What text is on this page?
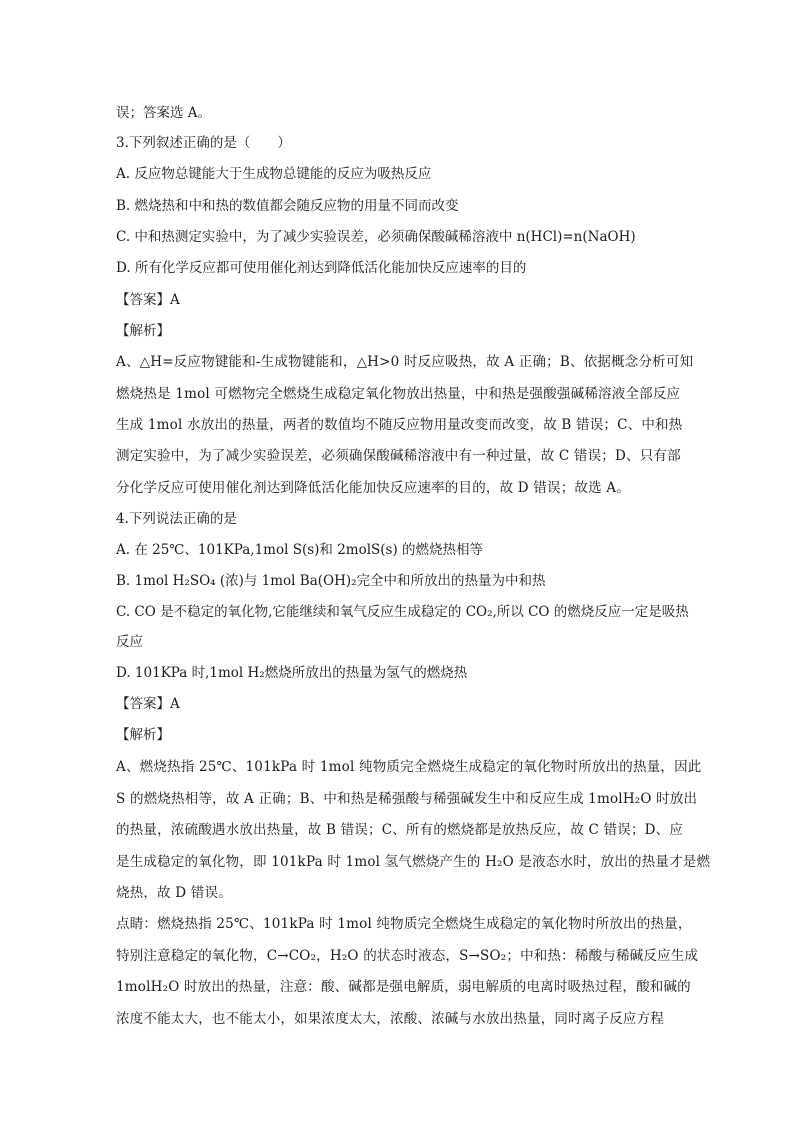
误；答案选 A。
3.下列叙述正确的是（　　）
A. 反应物总键能大于生成物总键能的反应为吸热反应
B. 燃烧热和中和热的数值都会随反应物的用量不同而改变
C. 中和热测定实验中，为了减少实验误差，必须确保酸碱稀溶液中 n(HCl)=n(NaOH)
D. 所有化学反应都可使用催化剂达到降低活化能加快反应速率的目的
【答案】A
【解析】
A、△H=反应物键能和-生成物键能和，△H>0 时反应吸热，故 A 正确；B、依据概念分析可知
燃烧热是 1mol 可燃物完全燃烧生成稳定氧化物放出热量，中和热是强酸强碱稀溶液全部反应
生成 1mol 水放出的热量，两者的数值均不随反应物用量改变而改变，故 B 错误；C、中和热
测定实验中，为了减少实验误差，必须确保酸碱稀溶液中有一种过量，故 C 错误；D、只有部
分化学反应可使用催化剂达到降低活化能加快反应速率的目的，故 D 错误；故选 A。
4.下列说法正确的是
A. 在 25℃、101KPa,1mol S(s)和 2molS(s) 的燃烧热相等
B. 1mol H₂SO₄ (浓)与 1mol Ba(OH)₂完全中和所放出的热量为中和热
C. CO 是不稳定的氧化物,它能继续和氧气反应生成稳定的 CO₂,所以 CO 的燃烧反应一定是吸热
反应
D. 101KPa 时,1mol H₂燃烧所放出的热量为氢气的燃烧热
【答案】A
【解析】
A、燃烧热指 25℃、101kPa 时 1mol 纯物质完全燃烧生成稳定的氧化物时所放出的热量，因此
S 的燃烧热相等，故 A 正确；B、中和热是稀强酸与稀强碱发生中和反应生成 1molH₂O 时放出
的热量，浓硫酸遇水放出热量，故 B 错误；C、所有的燃烧都是放热反应，故 C 错误；D、应
是生成稳定的氧化物，即 101kPa 时 1mol 氢气燃烧产生的 H₂O 是液态水时，放出的热量才是燃
烧热，故 D 错误。
点睛：燃烧热指 25℃、101kPa 时 1mol 纯物质完全燃烧生成稳定的氧化物时所放出的热量，
特别注意稳定的氧化物，C→CO₂，H₂O 的状态时液态，S→SO₂；中和热：稀酸与稀碱反应生成
1molH₂O 时放出的热量，注意：酸、碱都是强电解质，弱电解质的电离时吸热过程，酸和碱的
浓度不能太大，也不能太小，如果浓度太大，浓酸、浓碱与水放出热量，同时离子反应方程
